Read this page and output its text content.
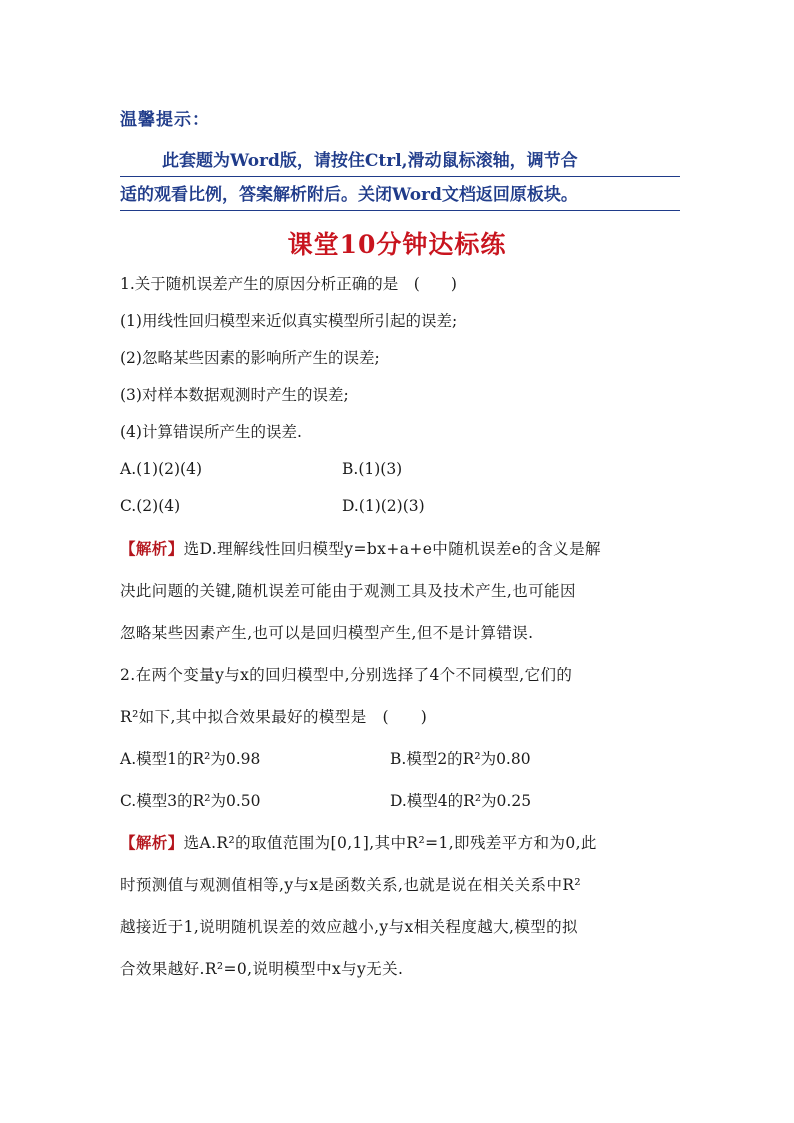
温馨提示：
此套题为Word版，请按住Ctrl,滑动鼠标滚轴，调节合
适的观看比例，答案解析附后。关闭Word文档返回原板块。
课堂10分钟达标练
1.关于随机误差产生的原因分析正确的是　(　　)
(1)用线性回归模型来近似真实模型所引起的误差;
(2)忽略某些因素的影响所产生的误差;
(3)对样本数据观测时产生的误差;
(4)计算错误所产生的误差.
A.(1)(2)(4)	B.(1)(3)
C.(2)(4)	D.(1)(2)(3)
【解析】选D.理解线性回归模型y=bx+a+e中随机误差e的含义是解
决此问题的关键,随机误差可能由于观测工具及技术产生,也可能因
忽略某些因素产生,也可以是回归模型产生,但不是计算错误.
2.在两个变量y与x的回归模型中,分别选择了4个不同模型,它们的
R²如下,其中拟合效果最好的模型是　(　　)
A.模型1的R²为0.98	B.模型2的R²为0.80
C.模型3的R²为0.50	D.模型4的R²为0.25
【解析】选A.R²的取值范围为[0,1],其中R²=1,即残差平方和为0,此
时预测值与观测值相等,y与x是函数关系,也就是说在相关关系中R²
越接近于1,说明随机误差的效应越小,y与x相关程度越大,模型的拟
合效果越好.R²=0,说明模型中x与y无关.
